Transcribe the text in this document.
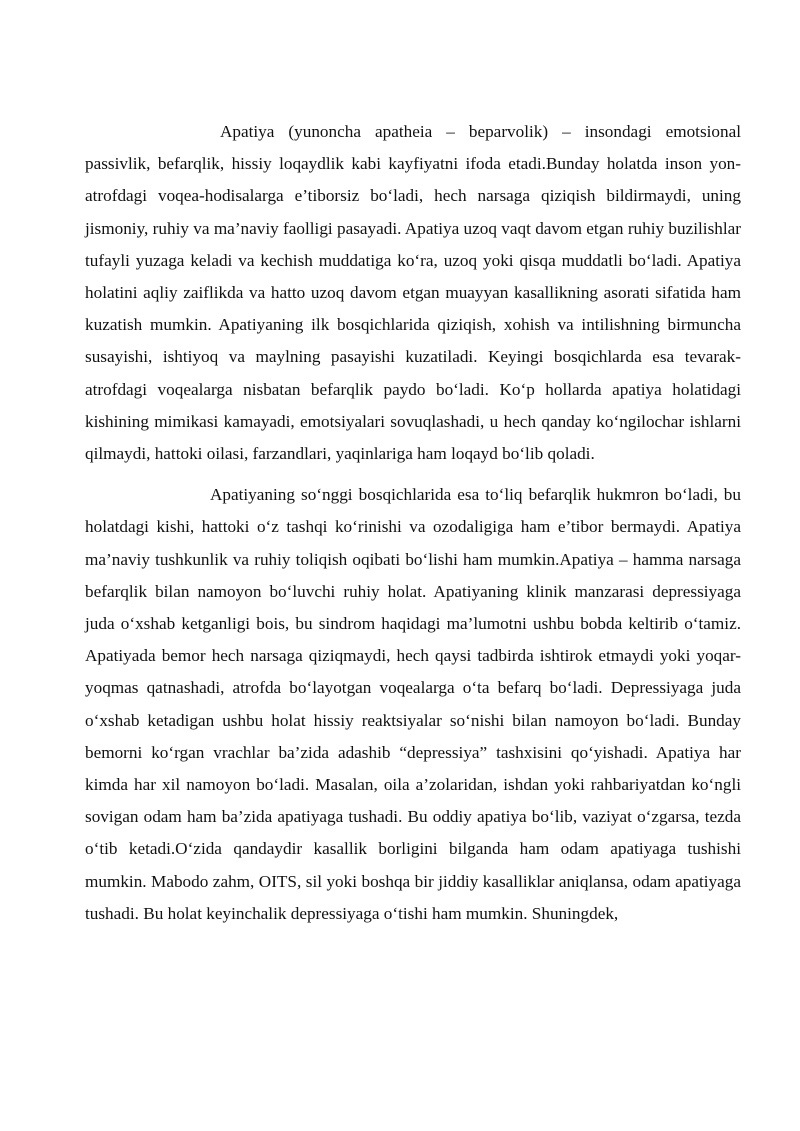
Apatiya (yunoncha apatheia – beparvolik) – insondagi emotsional passivlik, befarqlik, hissiy loqaydlik kabi kayfiyatni ifoda etadi.Bunday holatda inson yon-atrofdagi voqea-hodisalarga e’tiborsiz bo‘ladi, hech narsaga qiziqish bildirmaydi, uning jismoniy, ruhiy va ma’naviy faolligi pasayadi. Apatiya uzoq vaqt davom etgan ruhiy buzilishlar tufayli yuzaga keladi va kechish muddatiga ko‘ra, uzoq yoki qisqa muddatli bo‘ladi. Apatiya holatini aqliy zaiflikda va hatto uzoq davom etgan muayyan kasallikning asorati sifatida ham kuzatish mumkin. Apatiyaning ilk bosqichlarida qiziqish, xohish va intilishning birmuncha susayishi, ishtiyoq va maylning pasayishi kuzatiladi. Keyingi bosqichlarda esa tevarak-atrofdagi voqealarga nisbatan befarqlik paydo bo‘ladi. Ko‘p hollarda apatiya holatidagi kishining mimikasi kamayadi, emotsiyalari sovuqlashadi, u hech qanday ko‘ngilochar ishlarni qilmaydi, hattoki oilasi, farzandlari, yaqinlariga ham loqayd bo‘lib qoladi.

Apatiyaning so‘nggi bosqichlarida esa to‘liq befarqlik hukmron bo‘ladi, bu holatdagi kishi, hattoki o‘z tashqi ko‘rinishi va ozodaligiga ham e’tibor bermaydi. Apatiya ma’naviy tushkunlik va ruhiy toliqish oqibati bo‘lishi ham mumkin.Apatiya – hamma narsaga befarqlik bilan namoyon bo‘luvchi ruhiy holat. Apatiyaning klinik manzarasi depressiyaga juda o‘xshab ketganligi bois, bu sindrom haqidagi ma’lumotni ushbu bobda keltirib o‘tamiz. Apatiyada bemor hech narsaga qiziqmaydi, hech qaysi tadbirda ishtirok etmaydi yoki yoqar-yoqmas qatnashadi, atrofda bo‘layotgan voqealarga o‘ta befarq bo‘ladi. Depressiyaga juda o‘xshab ketadigan ushbu holat hissiy reaktsiyalar so‘nishi bilan namoyon bo‘ladi. Bunday bemorni ko‘rgan vrachlar ba’zida adashib “depressiya” tashxisini qo‘yishadi. Apatiya har kimda har xil namoyon bo‘ladi. Masalan, oila a’zolaridan, ishdan yoki rahbariyatdan ko‘ngli sovigan odam ham ba’zida apatiyaga tushadi. Bu oddiy apatiya bo‘lib, vaziyat o‘zgarsa, tezda o‘tib ketadi.O‘zida qandaydir kasallik borligini bilganda ham odam apatiyaga tushishi mumkin. Mabodo zahm, OITS, sil yoki boshqa bir jiddiy kasalliklar aniqlansa, odam apatiyaga tushadi. Bu holat keyinchalik depressiyaga o‘tishi ham mumkin. Shuningdek,
